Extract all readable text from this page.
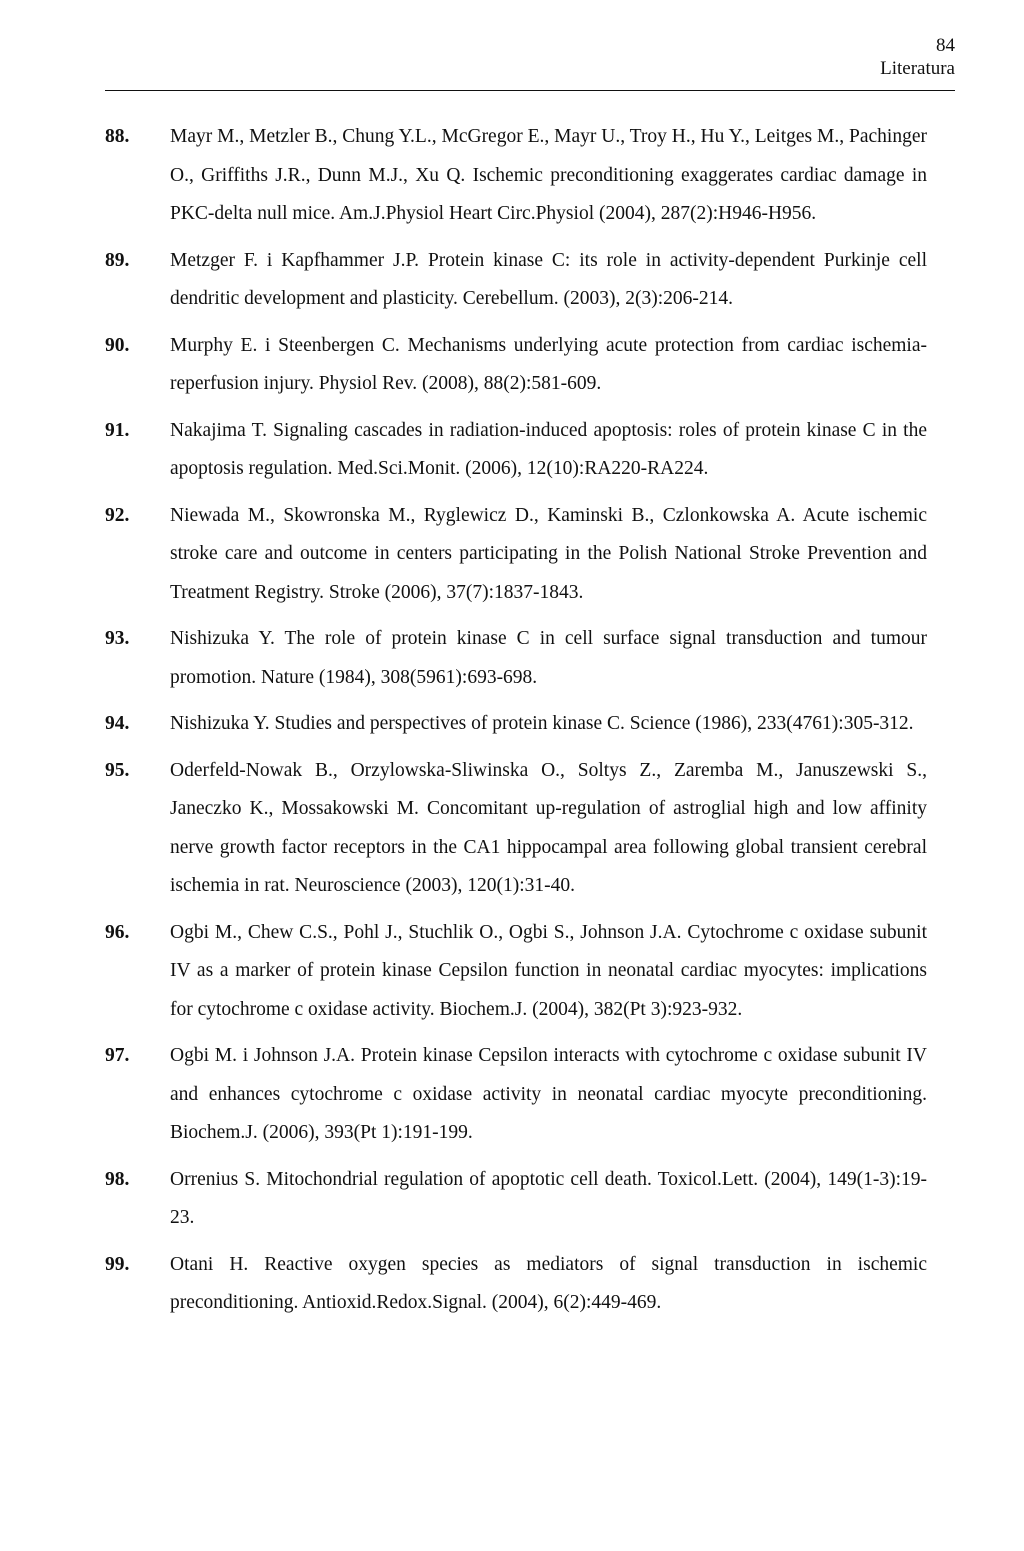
84
Literatura
88. Mayr M., Metzler B., Chung Y.L., McGregor E., Mayr U., Troy H., Hu Y., Leitges M., Pachinger O., Griffiths J.R., Dunn M.J., Xu Q. Ischemic preconditioning exaggerates cardiac damage in PKC-delta null mice. Am.J.Physiol Heart Circ.Physiol (2004), 287(2):H946-H956.
89. Metzger F. i Kapfhammer J.P. Protein kinase C: its role in activity-dependent Purkinje cell dendritic development and plasticity. Cerebellum. (2003), 2(3):206-214.
90. Murphy E. i Steenbergen C. Mechanisms underlying acute protection from cardiac ischemia-reperfusion injury. Physiol Rev. (2008), 88(2):581-609.
91. Nakajima T. Signaling cascades in radiation-induced apoptosis: roles of protein kinase C in the apoptosis regulation. Med.Sci.Monit. (2006), 12(10):RA220-RA224.
92. Niewada M., Skowronska M., Ryglewicz D., Kaminski B., Czlonkowska A. Acute ischemic stroke care and outcome in centers participating in the Polish National Stroke Prevention and Treatment Registry. Stroke (2006), 37(7):1837-1843.
93. Nishizuka Y. The role of protein kinase C in cell surface signal transduction and tumour promotion. Nature (1984), 308(5961):693-698.
94. Nishizuka Y. Studies and perspectives of protein kinase C. Science (1986), 233(4761):305-312.
95. Oderfeld-Nowak B., Orzylowska-Sliwinska O., Soltys Z., Zaremba M., Januszewski S., Janeczko K., Mossakowski M. Concomitant up-regulation of astroglial high and low affinity nerve growth factor receptors in the CA1 hippocampal area following global transient cerebral ischemia in rat. Neuroscience (2003), 120(1):31-40.
96. Ogbi M., Chew C.S., Pohl J., Stuchlik O., Ogbi S., Johnson J.A. Cytochrome c oxidase subunit IV as a marker of protein kinase Cepsilon function in neonatal cardiac myocytes: implications for cytochrome c oxidase activity. Biochem.J. (2004), 382(Pt 3):923-932.
97. Ogbi M. i Johnson J.A. Protein kinase Cepsilon interacts with cytochrome c oxidase subunit IV and enhances cytochrome c oxidase activity in neonatal cardiac myocyte preconditioning. Biochem.J. (2006), 393(Pt 1):191-199.
98. Orrenius S. Mitochondrial regulation of apoptotic cell death. Toxicol.Lett. (2004), 149(1-3):19-23.
99. Otani H. Reactive oxygen species as mediators of signal transduction in ischemic preconditioning. Antioxid.Redox.Signal. (2004), 6(2):449-469.
